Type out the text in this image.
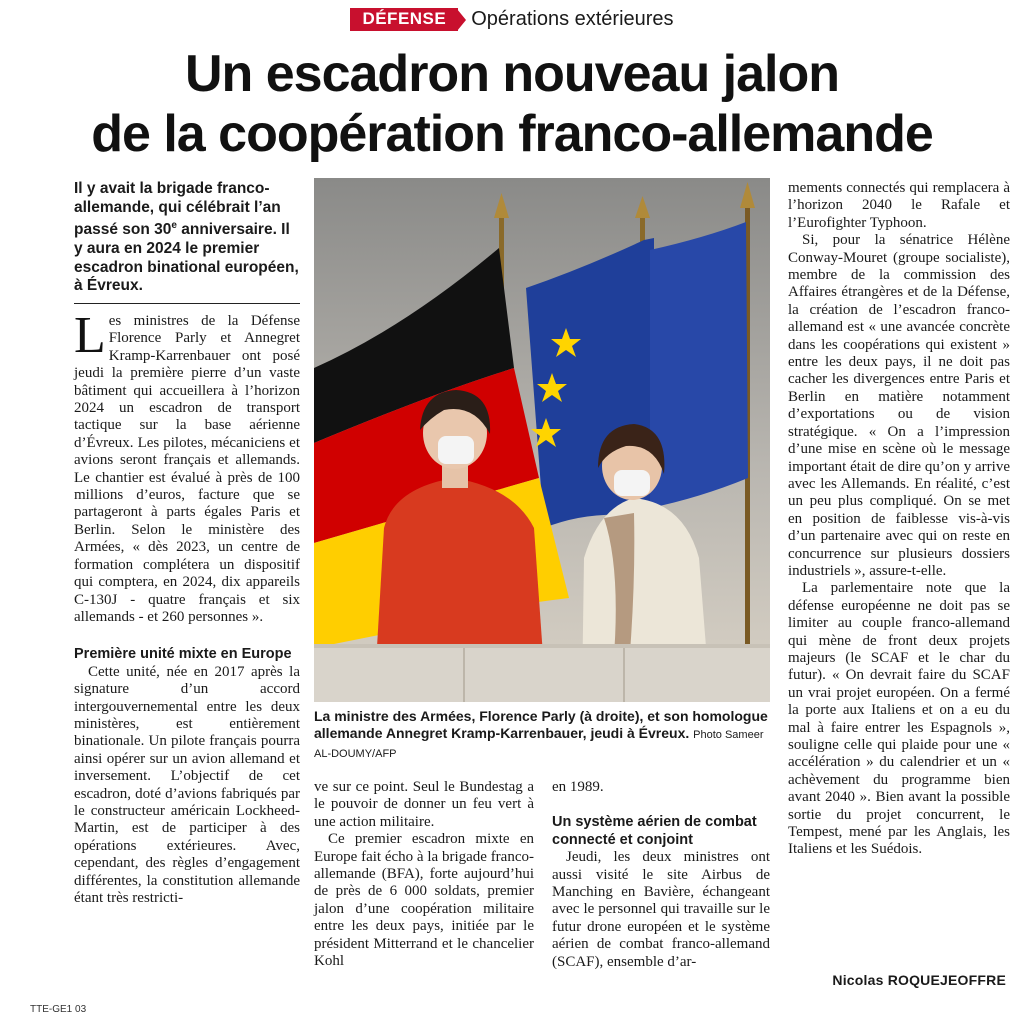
DÉFENSE Opérations extérieures
Un escadron nouveau jalon
de la coopération franco-allemande

Il y avait la brigade franco-allemande, qui célébrait l’an passé son 30e anniversaire. Il y aura en 2024 le premier escadron binational européen, à Évreux.

Les ministres de la Défense Florence Parly et Annegret Kramp-Karrenbauer ont posé jeudi la première pierre d’un vaste bâtiment qui accueillera à l’horizon 2024 un escadron de transport tactique sur la base aérienne d’Évreux. Les pilotes, mécaniciens et avions seront français et allemands. Le chantier est évalué à près de 100 millions d’euros, facture que se partageront à parts égales Paris et Berlin. Selon le ministère des Armées, « dès 2023, un centre de formation complétera un dispositif qui comptera, en 2024, dix appareils C-130J - quatre français et six allemands - et 260 personnes ».

Première unité mixte en Europe

Cette unité, née en 2017 après la signature d’un accord intergouvernemental entre les deux ministères, est entièrement binationale. Un pilote français pourra ainsi opérer sur un avion allemand et inversement. L’objectif de cet escadron, doté d’avions fabriqués par le constructeur américain Lockheed-Martin, est de participer à des opérations extérieures. Avec, cependant, des règles d’engagement différentes, la constitution allemande étant très restricti-

La ministre des Armées, Florence Parly (à droite), et son homologue allemande Annegret Kramp-Karrenbauer, jeudi à Évreux. Photo Sameer AL-DOUMY/AFP

ve sur ce point. Seul le Bundestag a le pouvoir de donner un feu vert à une action militaire.

Ce premier escadron mixte en Europe fait écho à la brigade franco-allemande (BFA), forte aujourd’hui de près de 6 000 soldats, premier jalon d’une coopération militaire entre les deux pays, initiée par le président Mitterrand et le chancelier Kohl

en 1989.

Un système aérien de combat connecté et conjoint

Jeudi, les deux ministres ont aussi visité le site Airbus de Manching en Bavière, échangeant avec le personnel qui travaille sur le futur drone européen et le système aérien de combat franco-allemand (SCAF), ensemble d’ar-

mements connectés qui remplacera à l’horizon 2040 le Rafale et l’Eurofighter Typhoon.

Si, pour la sénatrice Hélène Conway-Mouret (groupe socialiste), membre de la commission des Affaires étrangères et de la Défense, la création de l’escadron franco-allemand est « une avancée concrète dans les coopérations qui existent » entre les deux pays, il ne doit pas cacher les divergences entre Paris et Berlin en matière notamment d’exportations ou de vision stratégique. « On a l’impression d’une mise en scène où le message important était de dire qu’on y arrive avec les Allemands. En réalité, c’est un peu plus compliqué. On se met en position de faiblesse vis-à-vis d’un partenaire avec qui on reste en concurrence sur plusieurs dossiers industriels », assure-t-elle.

La parlementaire note que la défense européenne ne doit pas se limiter au couple franco-allemand qui mène de front deux projets majeurs (le SCAF et le char du futur). « On devrait faire du SCAF un vrai projet européen. On a fermé la porte aux Italiens et on a eu du mal à faire entrer les Espagnols », souligne celle qui plaide pour une « accélération » du calendrier et un « achèvement du programme bien avant 2040 ». Bien avant la possible sortie du projet concurrent, le Tempest, mené par les Anglais, les Italiens et les Suédois.

Nicolas ROQUEJEOFFRE

TTE-GE1 03
